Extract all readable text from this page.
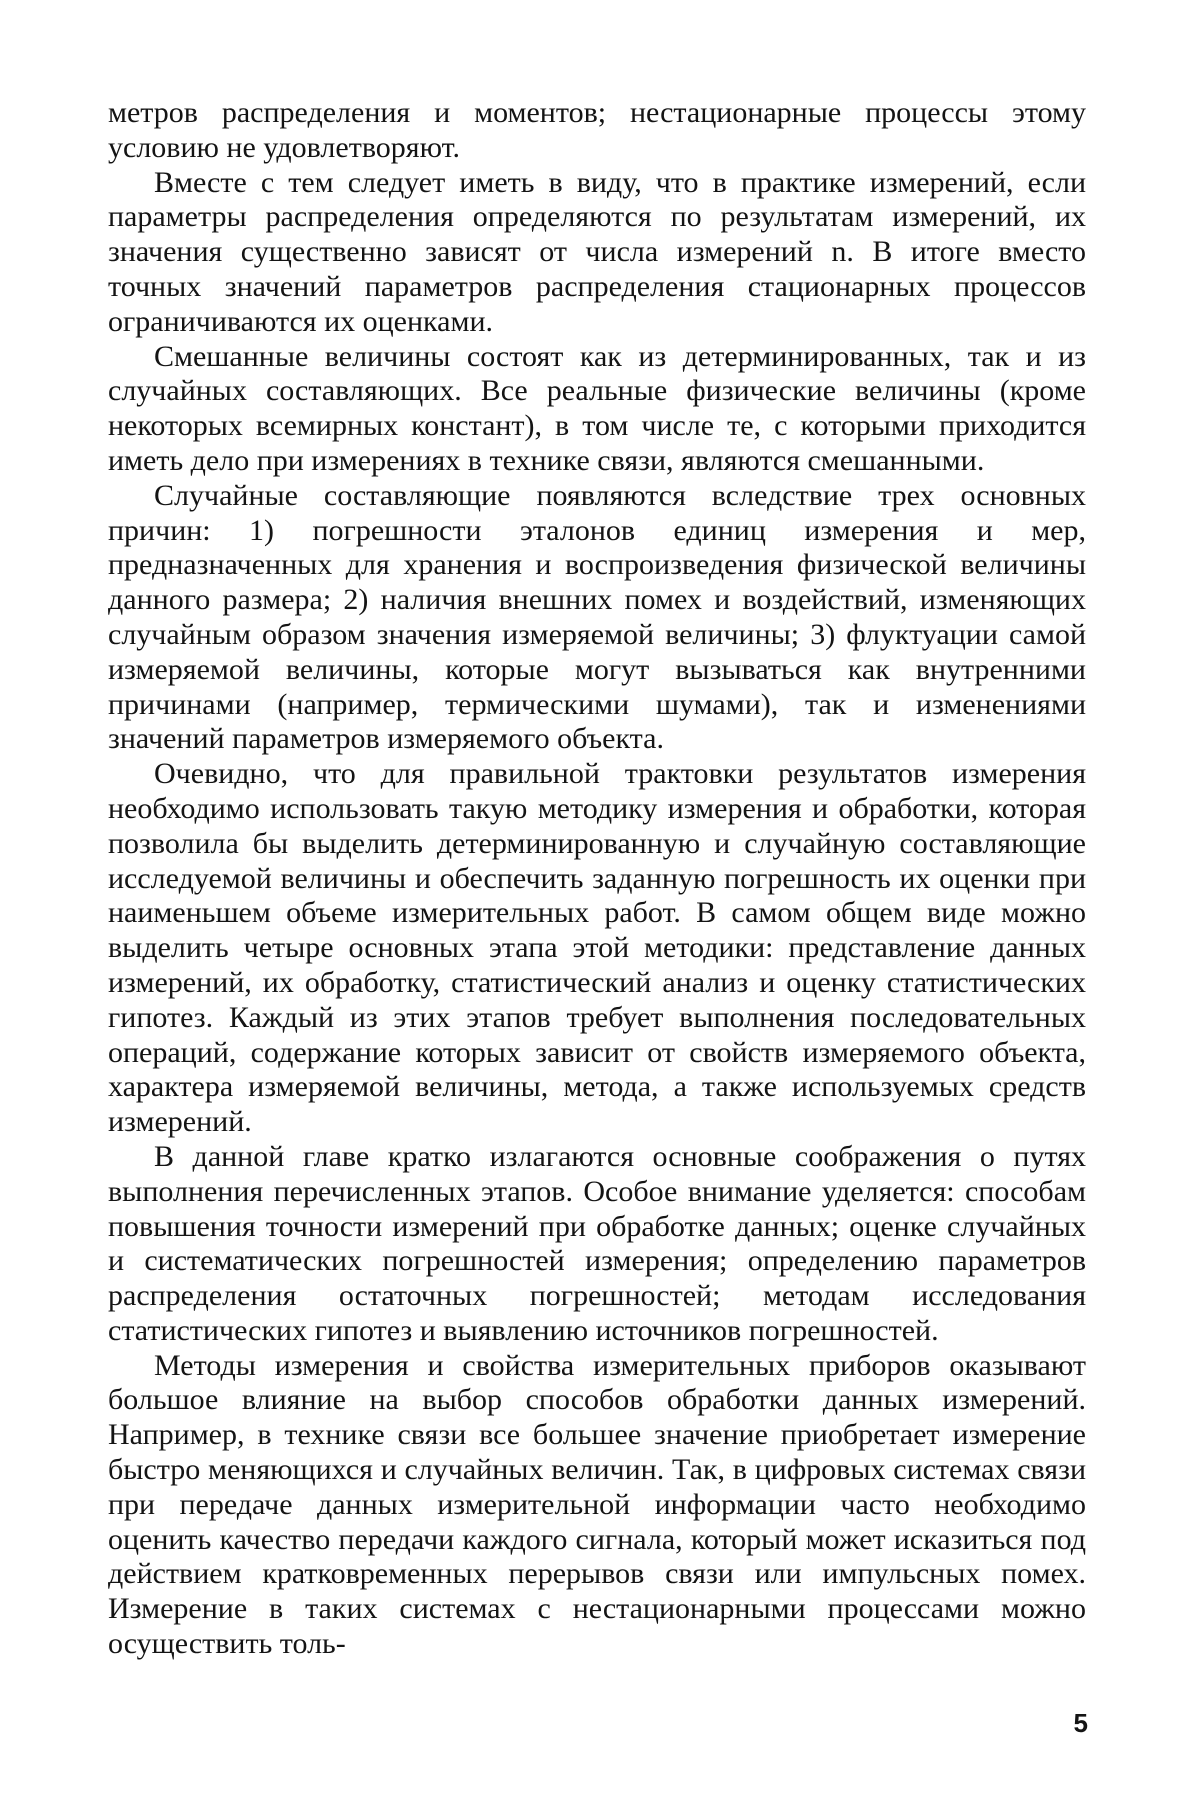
метров распределения и моментов; нестационарные процессы этому условию не удовлетворяют.

Вместе с тем следует иметь в виду, что в практике измерений, если параметры распределения определяются по результатам измерений, их значения существенно зависят от числа измерений n. В итоге вместо точных значений параметров распределения стационарных процессов ограничиваются их оценками.

Смешанные величины состоят как из детерминированных, так и из случайных составляющих. Все реальные физические величины (кроме некоторых всемирных констант), в том числе те, с которыми приходится иметь дело при измерениях в технике связи, являются смешанными.

Случайные составляющие появляются вследствие трех основных причин: 1) погрешности эталонов единиц измерения и мер, предназначенных для хранения и воспроизведения физической величины данного размера; 2) наличия внешних помех и воздействий, изменяющих случайным образом значения измеряемой величины; 3) флуктуации самой измеряемой величины, которые могут вызываться как внутренними причинами (например, термическими шумами), так и изменениями значений параметров измеряемого объекта.

Очевидно, что для правильной трактовки результатов измерения необходимо использовать такую методику измерения и обработки, которая позволила бы выделить детерминированную и случайную составляющие исследуемой величины и обеспечить заданную погрешность их оценки при наименьшем объеме измерительных работ. В самом общем виде можно выделить четыре основных этапа этой методики: представление данных измерений, их обработку, статистический анализ и оценку статистических гипотез. Каждый из этих этапов требует выполнения последовательных операций, содержание которых зависит от свойств измеряемого объекта, характера измеряемой величины, метода, а также используемых средств измерений.

В данной главе кратко излагаются основные соображения о путях выполнения перечисленных этапов. Особое внимание уделяется: способам повышения точности измерений при обработке данных; оценке случайных и систематических погрешностей измерения; определению параметров распределения остаточных погрешностей; методам исследования статистических гипотез и выявлению источников погрешностей.

Методы измерения и свойства измерительных приборов оказывают большое влияние на выбор способов обработки данных измерений. Например, в технике связи все большее значение приобретает измерение быстро меняющихся и случайных величин. Так, в цифровых системах связи при передаче данных измерительной информации часто необходимо оценить качество передачи каждого сигнала, который может исказиться под действием кратковременных перерывов связи или импульсных помех. Измерение в таких системах с нестационарными процессами можно осуществить толь-

5
